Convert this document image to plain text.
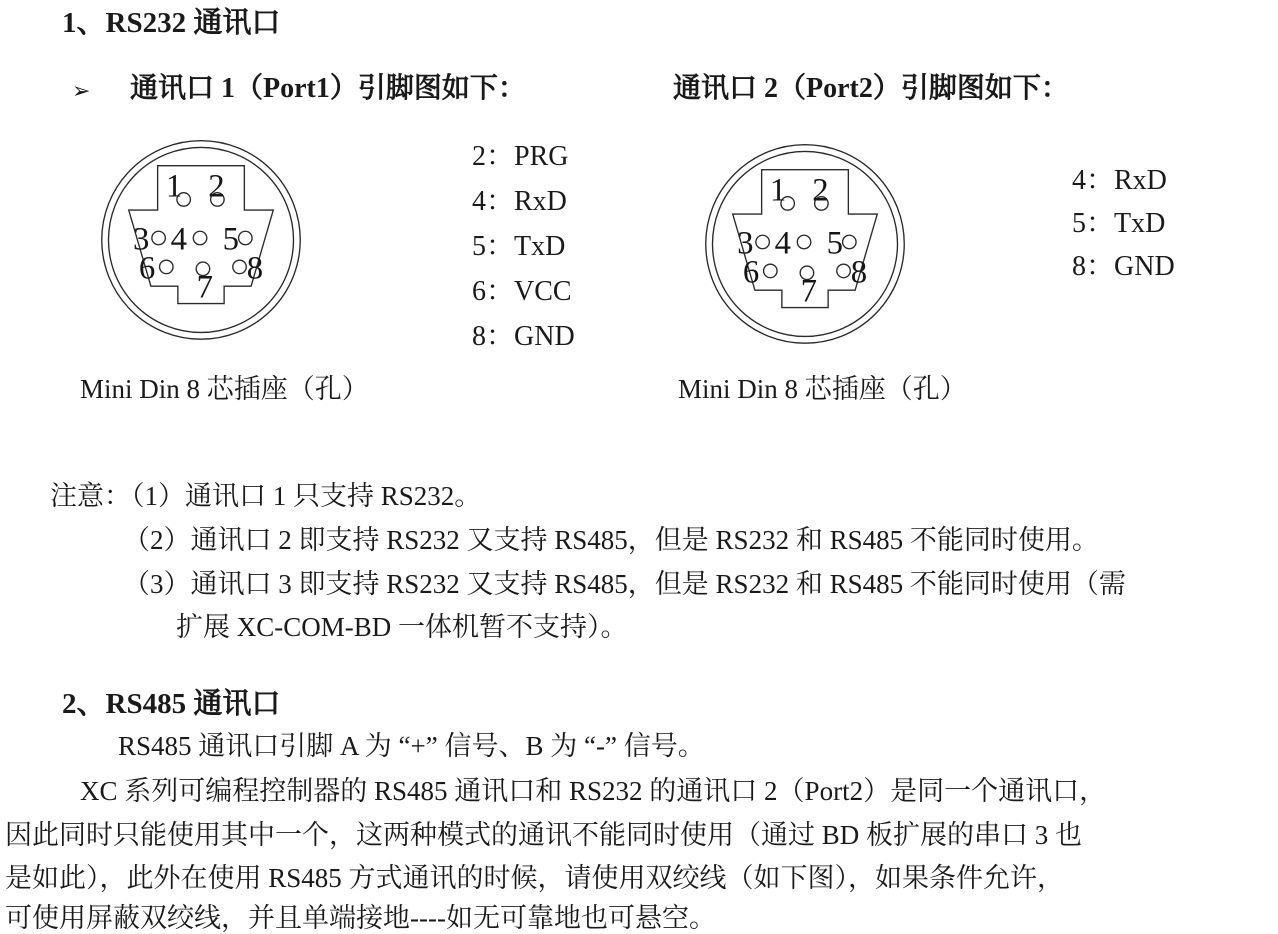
1、RS232 通讯口
➢ 通讯口 1（Port1）引脚图如下：	通讯口 2（Port2）引脚图如下：
1 2
3 4 5
6
7
8
2：PRG
4：RxD
5：TxD
6：VCC
8：GND
1 2
3 4 5
6
7
8
4：RxD
5：TxD
8：GND
Mini Din 8 芯插座（孔）	Mini Din 8 芯插座（孔）
注意：（1）通讯口 1 只支持 RS232。
（2）通讯口 2 即支持 RS232 又支持 RS485，但是 RS232 和 RS485 不能同时使用。
（3）通讯口 3 即支持 RS232 又支持 RS485，但是 RS232 和 RS485 不能同时使用（需
扩展 XC-COM-BD 一体机暂不支持）。
2、RS485 通讯口
RS485 通讯口引脚 A 为 “+” 信号、B 为 “-” 信号。
XC 系列可编程控制器的 RS485 通讯口和 RS232 的通讯口 2（Port2）是同一个通讯口，
因此同时只能使用其中一个，这两种模式的通讯不能同时使用（通过 BD 板扩展的串口 3 也
是如此），此外在使用 RS485 方式通讯的时候，请使用双绞线（如下图），如果条件允许，
可使用屏蔽双绞线，并且单端接地----如无可靠地也可悬空。
